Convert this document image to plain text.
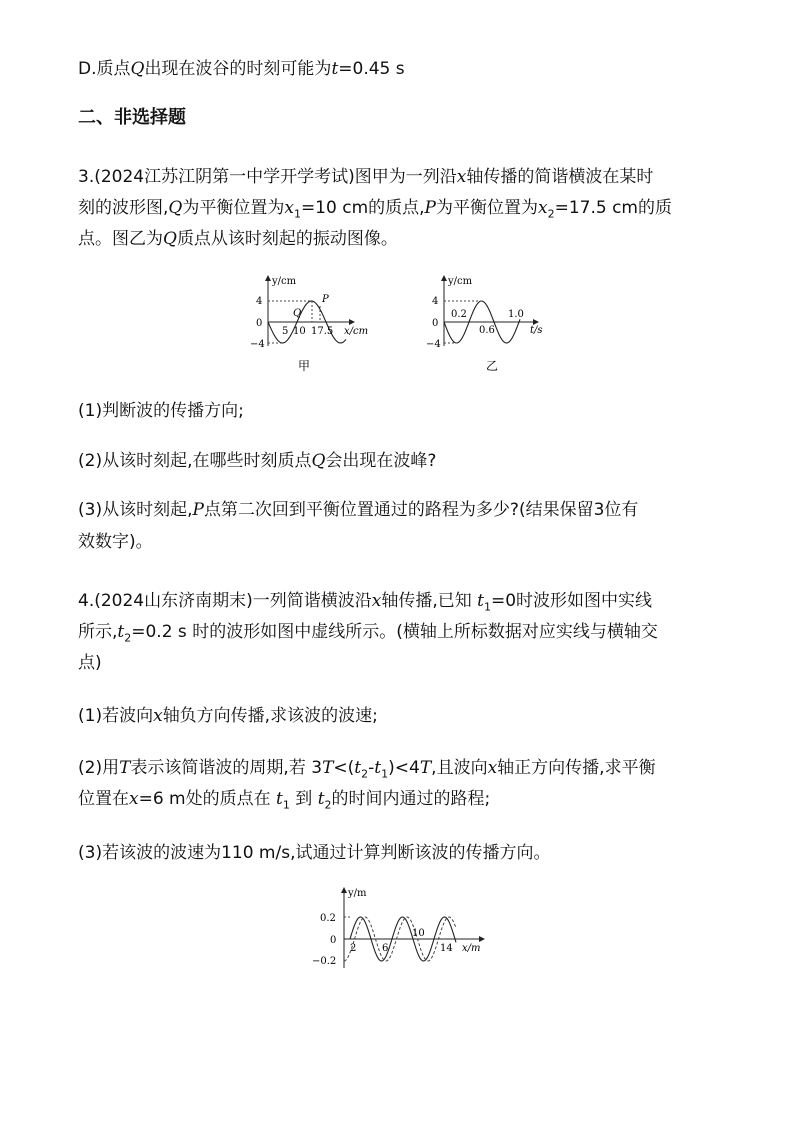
D.质点Q出现在波谷的时刻可能为t=0.45 s
二、非选择题
3.(2024江苏江阴第一中学开学考试)图甲为一列沿x轴传播的简谐横波在某时
刻的波形图,Q为平衡位置为$x_1=10$ cm的质点,P为平衡位置为$x_2=17.5$ cm的质
点。图乙为Q质点从该时刻起的振动图像。
y/cm
4
0
−4
5 10 17.5 x/cm
Q
P
甲
y/cm
4
0
−4
0.2
0.6
1.0
t/s
乙
(1)判断波的传播方向;
(2)从该时刻起,在哪些时刻质点Q会出现在波峰?
(3)从该时刻起,P点第二次回到平衡位置通过的路程为多少?(结果保留3位有
效数字)。
4.(2024山东济南期末)一列简谐横波沿x轴传播,已知 $t_1=0$时波形如图中实线
所示$,t_2=0.2$ s 时的波形如图中虚线所示。(横轴上所标数据对应实线与横轴交
点)
(1)若波向x轴负方向传播,求该波的波速;
(2)用T表示该简谐波的周期,若 $3T<(t_2-t_1)<4T$,且波向x轴正方向传播,求平衡
位置在x=6 m处的质点在 $t_1$ 到 $t_2$的时间内通过的路程;
(3)若该波的波速为110 m/s,试通过计算判断该波的传播方向。
y/m
0.2
0
−0.2
2	6
10
14 x/m
